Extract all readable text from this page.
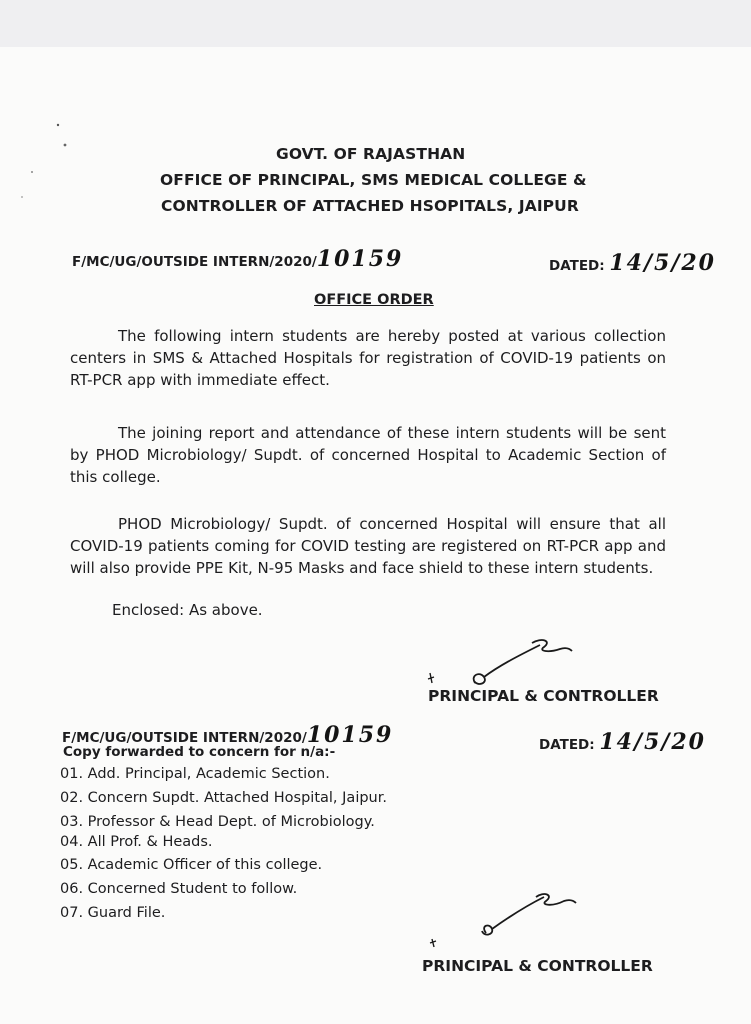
GOVT. OF RAJASTHAN
OFFICE OF PRINCIPAL, SMS MEDICAL COLLEGE &
CONTROLLER OF ATTACHED HSOPITALS, JAIPUR
F/MC/UG/OUTSIDE INTERN/2020/10159	DATED: 14/5/20
OFFICE ORDER

The following intern students are hereby posted at various collection centers in SMS & Attached Hospitals for registration of COVID-19 patients on RT-PCR app with immediate effect.

The joining report and attendance of these intern students will be sent by PHOD Microbiology/ Supdt. of concerned Hospital to Academic Section of this college.

PHOD Microbiology/ Supdt. of concerned Hospital will ensure that all COVID-19 patients coming for COVID testing are registered on RT-PCR app and will also provide PPE Kit, N-95 Masks and face shield to these intern students.

Enclosed: As above.
PRINCIPAL & CONTROLLER
F/MC/UG/OUTSIDE INTERN/2020/10159	DATED: 14/5/20
Copy forwarded to concern for n/a:-
01. Add. Principal, Academic Section.
02. Concern Supdt. Attached Hospital, Jaipur.
03. Professor & Head Dept. of Microbiology.
04. All Prof. & Heads.
05. Academic Officer of this college.
06. Concerned Student to follow.
07. Guard File.
PRINCIPAL & CONTROLLER
